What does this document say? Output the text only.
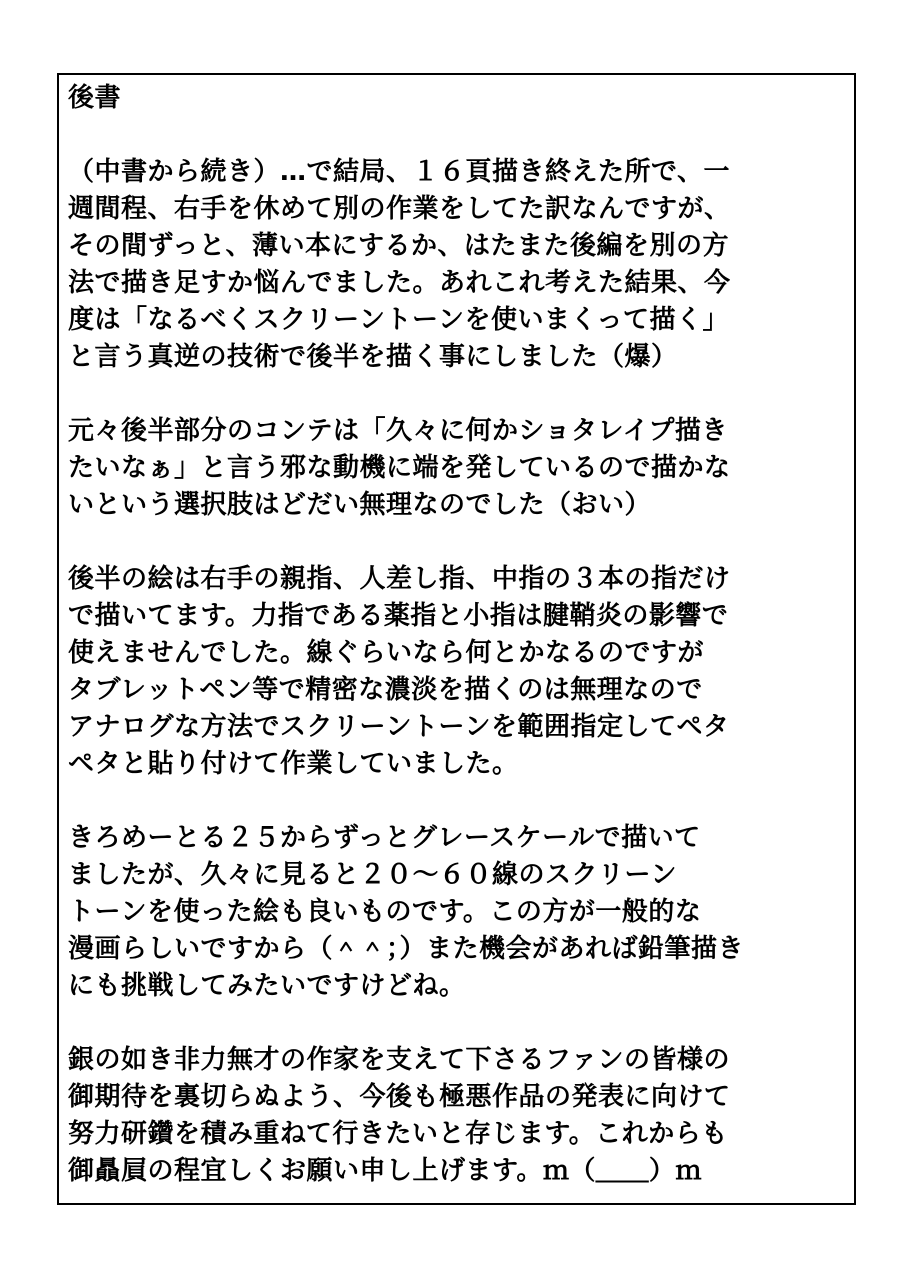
後書
（中書から続き）…で結局、１６頁描き終えた所で、一
週間程、右手を休めて別の作業をしてた訳なんですが、
その間ずっと、薄い本にするか、はたまた後編を別の方
法で描き足すか悩んでました。あれこれ考えた結果、今
度は「なるべくスクリーントーンを使いまくって描く」
と言う真逆の技術で後半を描く事にしました（爆）
元々後半部分のコンテは「久々に何かショタレイプ描き
たいなぁ」と言う邪な動機に端を発しているので描かな
いという選択肢はどだい無理なのでした（おい）
後半の絵は右手の親指、人差し指、中指の３本の指だけ
で描いてます。力指である薬指と小指は腱鞘炎の影響で
使えませんでした。線ぐらいなら何とかなるのですが
タブレットペン等で精密な濃淡を描くのは無理なので
アナログな方法でスクリーントーンを範囲指定してペタ
ペタと貼り付けて作業していました。
きろめーとる２５からずっとグレースケールで描いて
ましたが、久々に見ると２０～６０線のスクリーン
トーンを使った絵も良いものです。この方が一般的な
漫画らしいですから（＾＾；）また機会があれば鉛筆描き
にも挑戦してみたいですけどね。
銀の如き非力無才の作家を支えて下さるファンの皆様の
御期待を裏切らぬよう、今後も極悪作品の発表に向けて
努力研鑽を積み重ねて行きたいと存じます。これからも
御贔屓の程宜しくお願い申し上げます。ｍ（＿＿）ｍ
